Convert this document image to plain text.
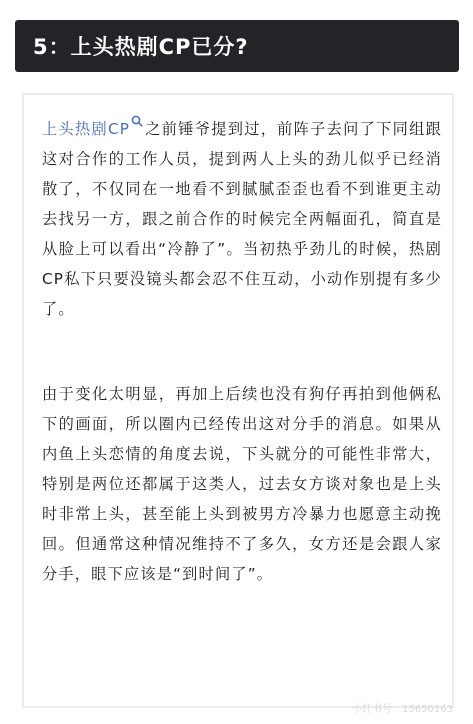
5：上头热剧CP已分?

上头热剧CP 之前锤爷提到过，前阵子去问了下同组跟这对合作的工作人员，提到两人上头的劲儿似乎已经消散了，不仅同在一地看不到腻腻歪歪也看不到谁更主动去找另一方，跟之前合作的时候完全两幅面孔，简直是从脸上可以看出“冷静了”。当初热乎劲儿的时候，热剧CP私下只要没镜头都会忍不住互动，小动作别提有多少了。

由于变化太明显，再加上后续也没有狗仔再拍到他俩私下的画面，所以圈内已经传出这对分手的消息。如果从内鱼上头恋情的角度去说，下头就分的可能性非常大，特别是两位还都属于这类人，过去女方谈对象也是上头时非常上头，甚至能上头到被男方冷暴力也愿意主动挽回。但通常这种情况维持不了多久，女方还是会跟人家分手，眼下应该是“到时间了”。

小红书号：15650163
